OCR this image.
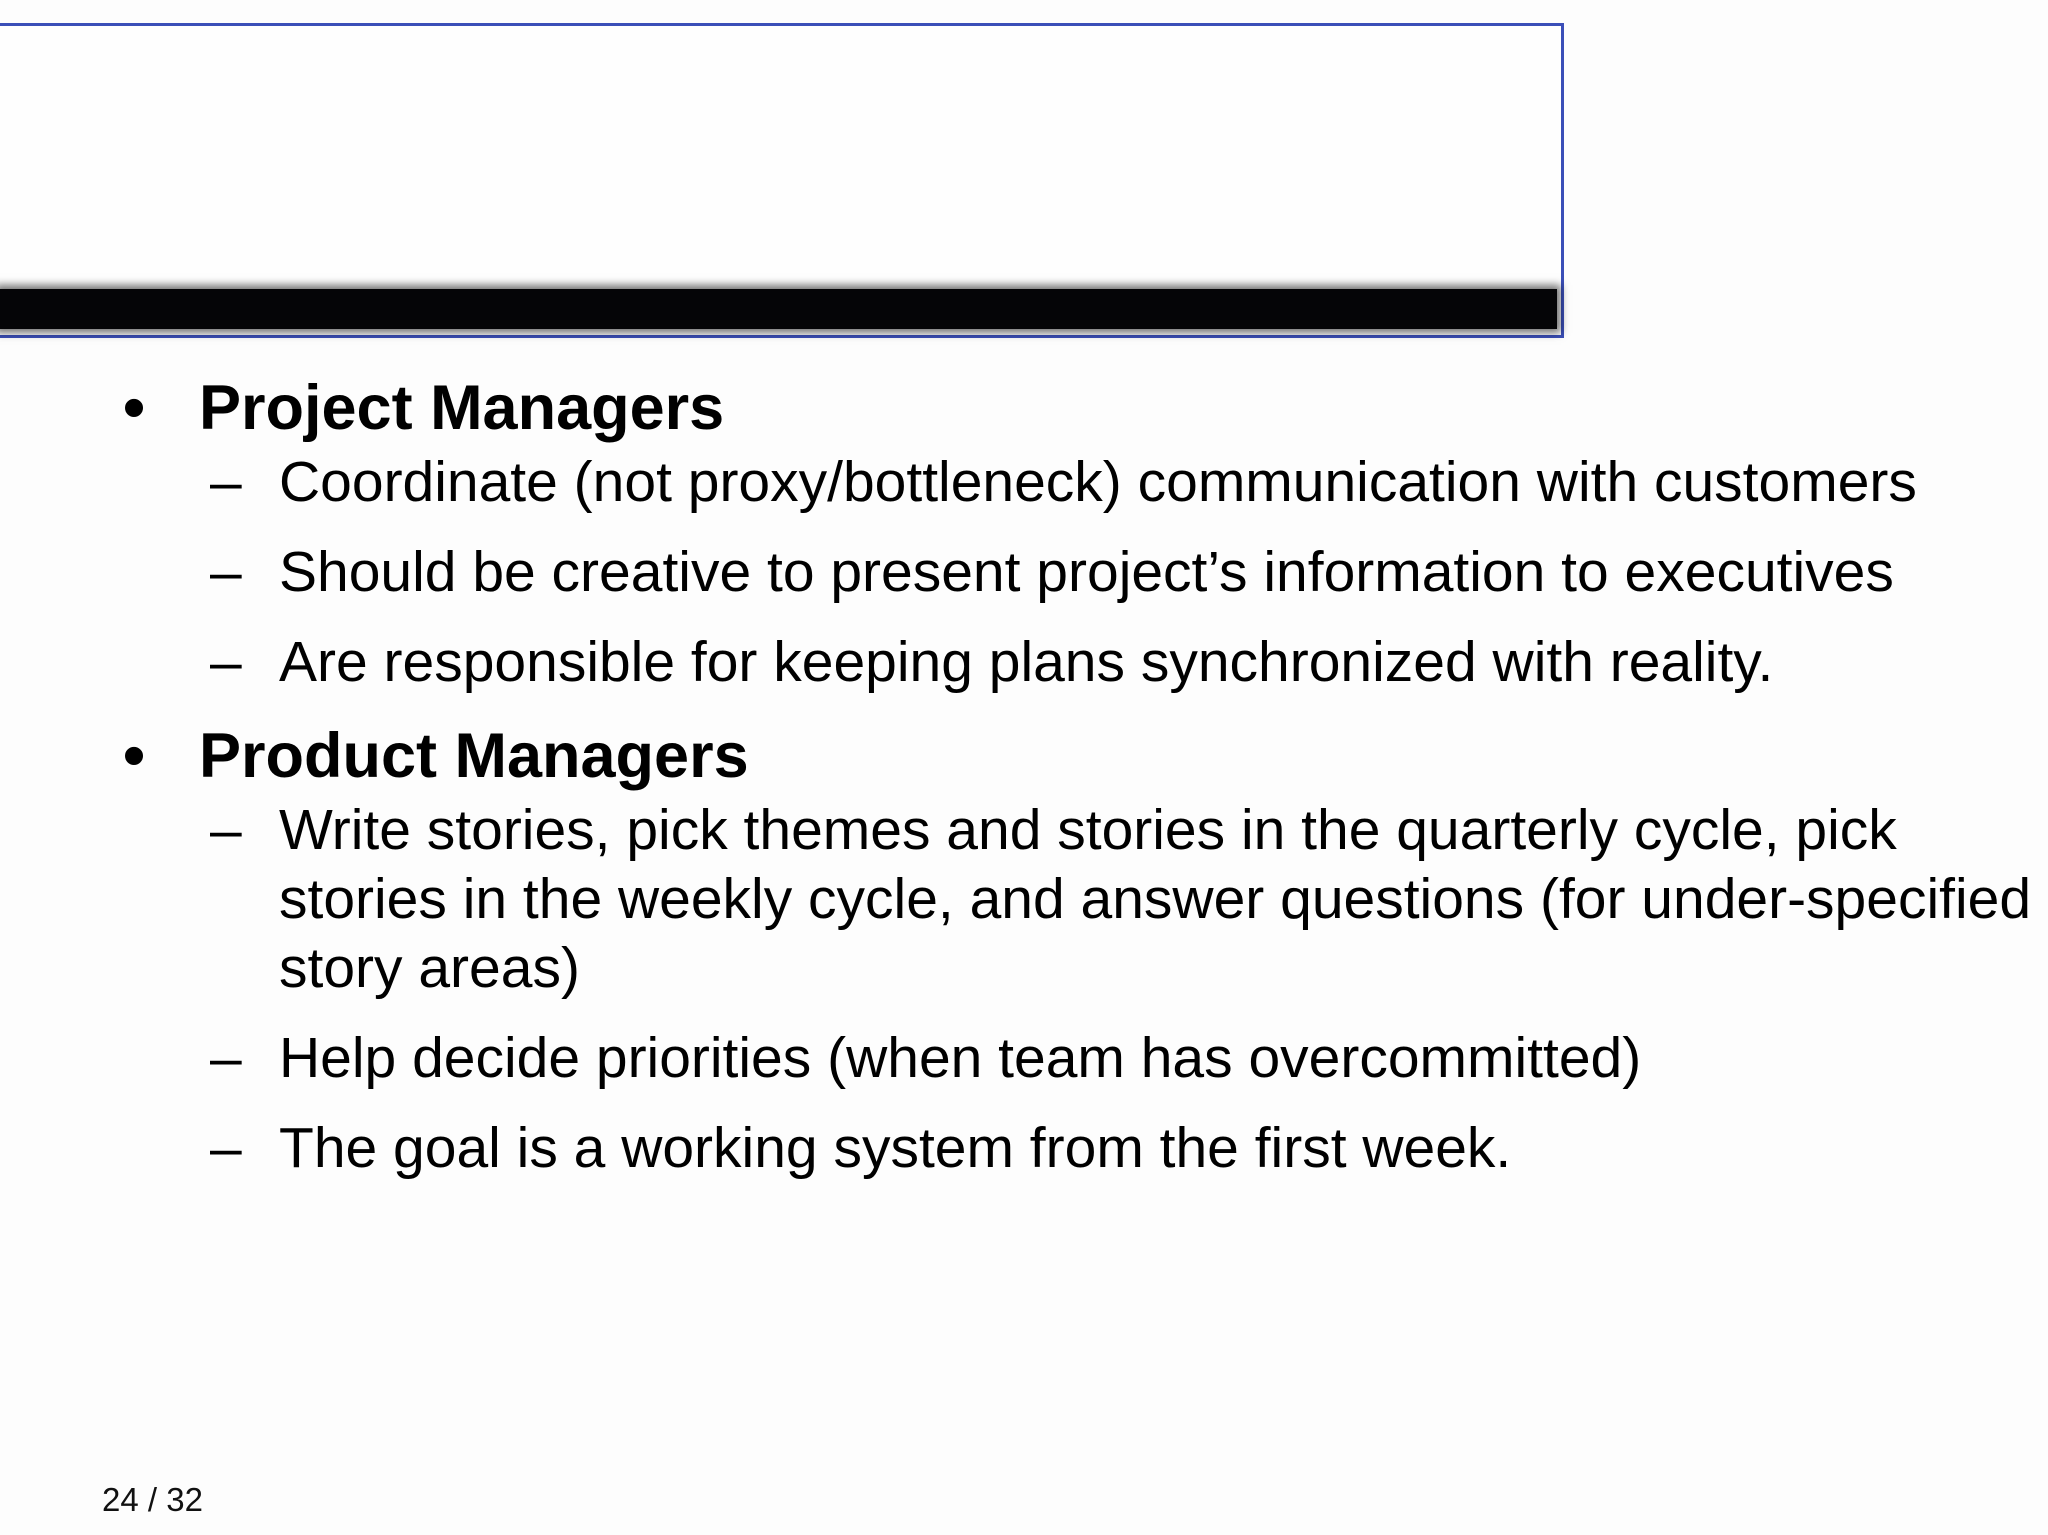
• Project Managers
– Coordinate (not proxy/bottleneck) communication with customers
– Should be creative to present project’s information to executives
– Are responsible for keeping plans synchronized with reality.
• Product Managers
– Write stories, pick themes and stories in the quarterly cycle, pick stories in the weekly cycle, and answer questions (for under-specified story areas)
– Help decide priorities (when team has overcommitted)
– The goal is a working system from the first week.
24 / 32
